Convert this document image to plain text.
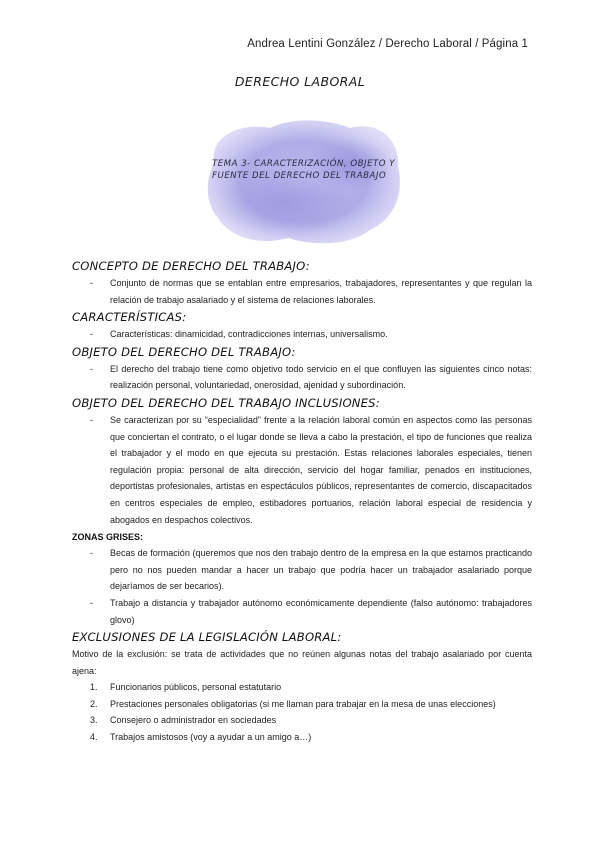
Andrea Lentini González / Derecho Laboral / Página 1
DERECHO LABORAL
TEMA 3- CARACTERIZACIÓN, OBJETO Y
FUENTE DEL DERECHO DEL TRABAJO
CONCEPTO DE DERECHO DEL TRABAJO:
- Conjunto de normas que se entablan entre empresarios, trabajadores, representantes y que regulan la relación de trabajo asalariado y el sistema de relaciones laborales.
CARACTERÍSTICAS:
- Características: dinamicidad, contradicciones internas, universalismo.
OBJETO DEL DERECHO DEL TRABAJO:
- El derecho del trabajo tiene como objetivo todo servicio en el que confluyen las siguientes cinco notas: realización personal, voluntariedad, onerosidad, ajenidad y subordinación.
OBJETO DEL DERECHO DEL TRABAJO INCLUSIONES:
- Se caracterizan por su “especialidad” frente a la relación laboral común en aspectos como las personas que conciertan el contrato, o el lugar donde se lleva a cabo la prestación, el tipo de funciones que realiza el trabajador y el modo en que ejecuta su prestación. Estas relaciones laborales especiales, tienen regulación propia: personal de alta dirección, servicio del hogar familiar, penados en instituciones, deportistas profesionales, artistas en espectáculos públicos, representantes de comercio, discapacitados en centros especiales de empleo, estibadores portuarios, relación laboral especial de residencia y abogados en despachos colectivos.

ZONAS GRISES:

- Becas de formación (queremos que nos den trabajo dentro de la empresa en la que estamos practicando pero no nos pueden mandar a hacer un trabajo que podría hacer un trabajador asalariado porque dejaríamos de ser becarios).
- Trabajo a distancia y trabajador autónomo económicamente dependiente (falso autónomo: trabajadores glovo)
EXCLUSIONES DE LA LEGISLACIÓN LABORAL:

Motivo de la exclusión: se trata de actividades que no reúnen algunas notas del trabajo asalariado por cuenta ajena:

1. Funcionarios públicos, personal estatutario
2. Prestaciones personales obligatorias (si me llaman para trabajar en la mesa de unas elecciones)
3. Consejero o administrador en sociedades
4. Trabajos amistosos (voy a ayudar a un amigo a…)
